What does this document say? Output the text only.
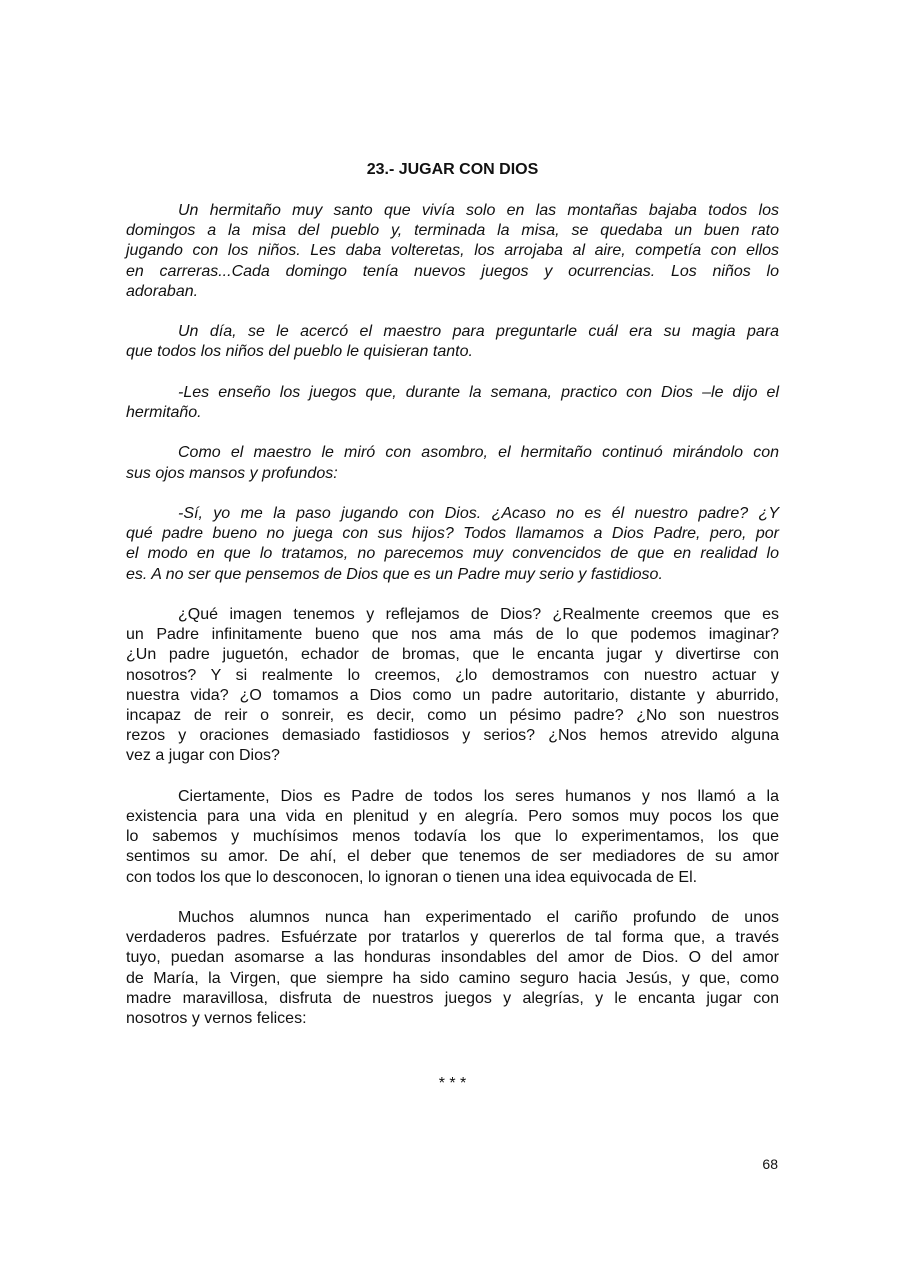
23.- JUGAR CON DIOS
Un hermitaño muy santo que vivía solo en las montañas bajaba todos los
domingos a la misa del pueblo y, terminada la misa, se quedaba un buen rato
jugando con los niños. Les daba volteretas, los arrojaba al aire, competía con ellos
en carreras...Cada domingo tenía nuevos juegos y ocurrencias. Los niños lo
adoraban.
Un día, se le acercó el maestro para preguntarle cuál era su magia para
que todos los niños del pueblo le quisieran tanto.
-Les enseño los juegos que, durante la semana, practico con Dios –le dijo el
hermitaño.
Como el maestro le miró con asombro, el hermitaño continuó mirándolo con
sus ojos mansos y profundos:
-Sí, yo me la paso jugando con Dios. ¿Acaso no es él nuestro padre? ¿Y
qué padre bueno no juega con sus hijos? Todos llamamos a Dios Padre, pero, por
el modo en que lo tratamos, no parecemos muy convencidos de que en realidad lo
es. A no ser que pensemos de Dios que es un Padre muy serio y fastidioso.
¿Qué imagen tenemos y reflejamos de Dios? ¿Realmente creemos que es
un Padre infinitamente bueno que nos ama más de lo que podemos imaginar?
¿Un padre juguetón, echador de bromas, que le encanta jugar y divertirse con
nosotros? Y si realmente lo creemos, ¿lo demostramos con nuestro actuar y
nuestra vida? ¿O tomamos a Dios como un padre autoritario, distante y aburrido,
incapaz de reir o sonreir, es decir, como un pésimo padre? ¿No son nuestros
rezos y oraciones demasiado fastidiosos y serios? ¿Nos hemos atrevido alguna
vez a jugar con Dios?
Ciertamente, Dios es Padre de todos los seres humanos y nos llamó a la
existencia para una vida en plenitud y en alegría. Pero somos muy pocos los que
lo sabemos y muchísimos menos todavía los que lo experimentamos, los que
sentimos su amor. De ahí, el deber que tenemos de ser mediadores de su amor
con todos los que lo desconocen, lo ignoran o tienen una idea equivocada de El.
Muchos alumnos nunca han experimentado el cariño profundo de unos
verdaderos padres. Esfuérzate por tratarlos y quererlos de tal forma que, a través
tuyo, puedan asomarse a las honduras insondables del amor de Dios. O del amor
de María, la Virgen, que siempre ha sido camino seguro hacia Jesús, y que, como
madre maravillosa, disfruta de nuestros juegos y alegrías, y le encanta jugar con
nosotros y vernos felices:
* * *
68
